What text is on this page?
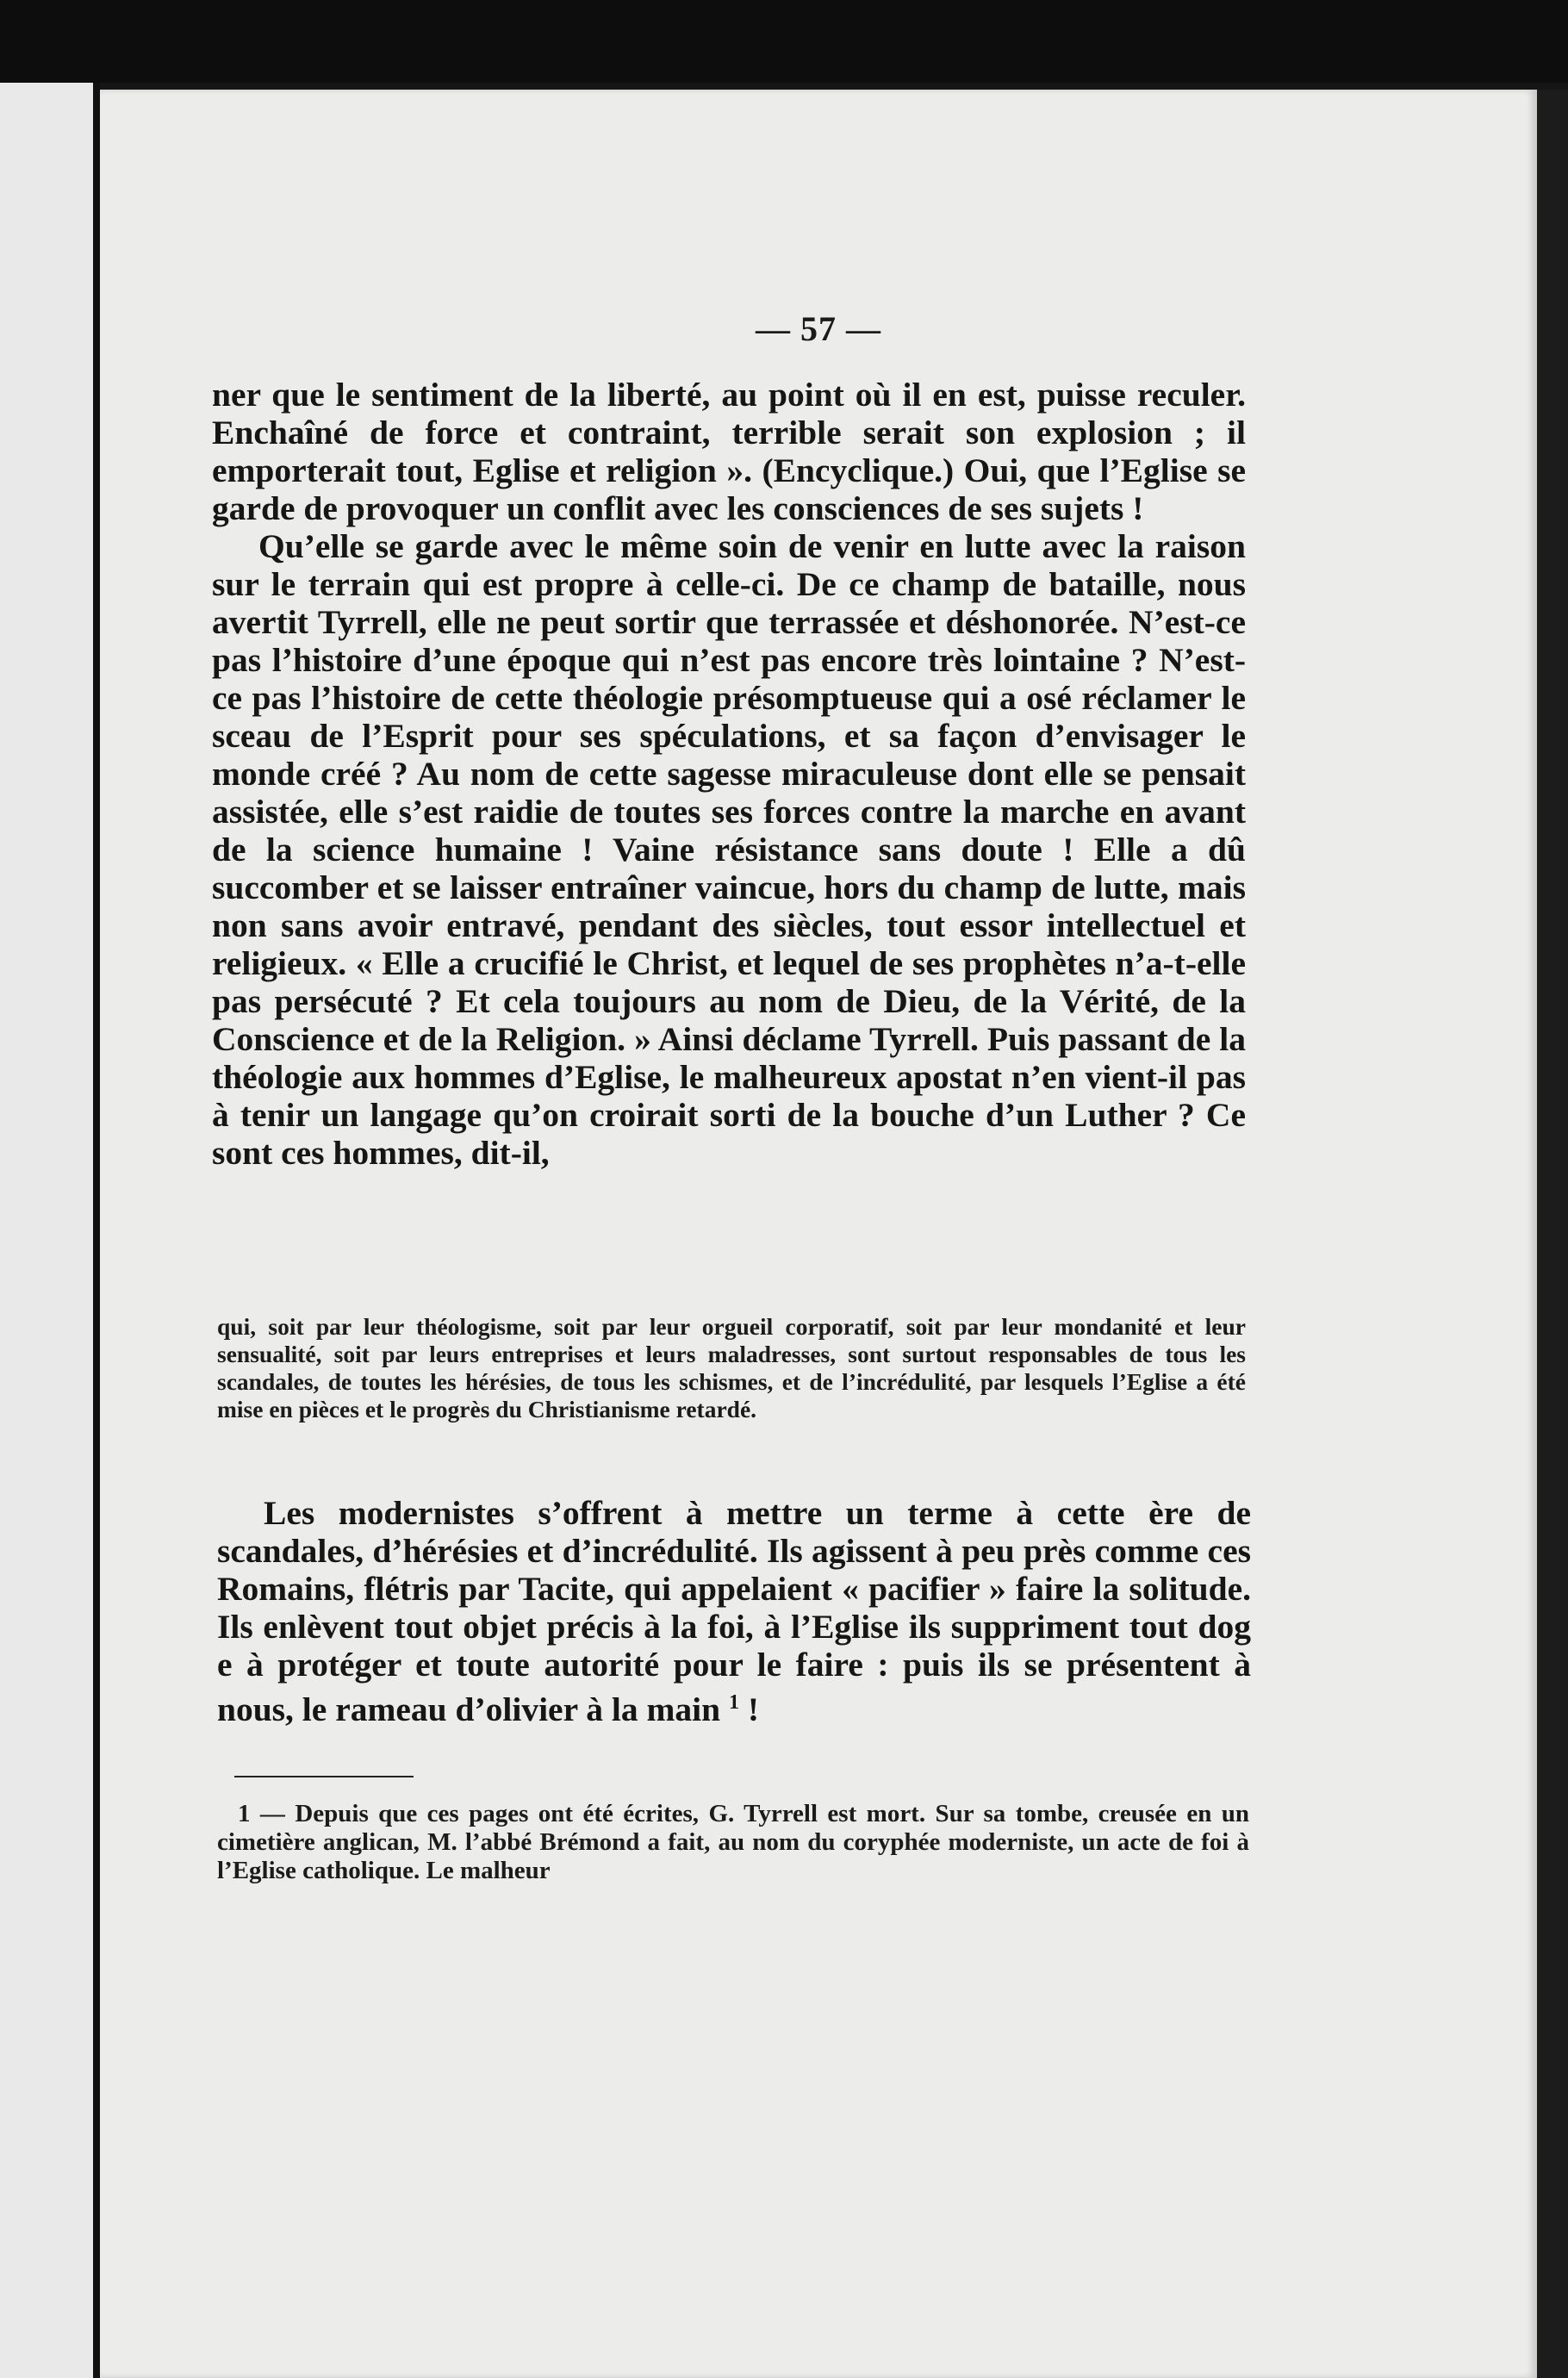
— 57 —

ner que le sentiment de la liberté, au point où il en est, puisse reculer. Enchaîné de force et contraint, terrible serait son explosion ; il emporterait tout, Eglise et religion ». (Encyclique.) Oui, que l’Eglise se garde de provoquer un conflit avec les consciences de ses sujets !

Qu’elle se garde avec le même soin de venir en lutte avec la raison sur le terrain qui est propre à celle-ci. De ce champ de bataille, nous avertit Tyrrell, elle ne peut sortir que terrassée et déshonorée. N’est-ce pas l’histoire d’une époque qui n’est pas encore très lointaine ? N’est-ce pas l’histoire de cette théologie présomptueuse qui a osé réclamer le sceau de l’Esprit pour ses spéculations, et sa façon d’envisager le monde créé ? Au nom de cette sagesse miraculeuse dont elle se pensait assistée, elle s’est raidie de toutes ses forces contre la marche en avant de la science humaine ! Vaine résistance sans doute ! Elle a dû succomber et se laisser entraîner vaincue, hors du champ de lutte, mais non sans avoir entravé, pendant des siècles, tout essor intellectuel et religieux. « Elle a crucifié le Christ, et lequel de ses prophètes n’a-t-elle pas persécuté ? Et cela toujours au nom de Dieu, de la Vérité, de la Conscience et de la Religion. » Ainsi déclame Tyrrell. Puis passant de la théologie aux hommes d’Eglise, le malheureux apostat n’en vient-il pas à tenir un langage qu’on croirait sorti de la bouche d’un Luther ? Ce sont ces hommes, dit-il,

qui, soit par leur théologisme, soit par leur orgueil corporatif, soit par leur mondanité et leur sensualité, soit par leurs entreprises et leurs maladresses, sont surtout responsables de tous les scandales, de toutes les hérésies, de tous les schismes, et de l’incrédulité, par lesquels l’Eglise a été mise en pièces et le progrès du Christianisme retardé.
Les modernistes s’offrent à mettre un terme à cette ère de scandales, d’hérésies et d’incrédulité. Ils agissent à peu près comme ces Romains, flétris par Tacite, qui appelaient « pacifier » faire la solitude. Ils enlèvent tout objet précis à la foi, à l’Eglise ils suppriment tout dog e à protéger et toute autorité pour le faire : puis ils se présentent à nous, le rameau d’olivier à la main $^1$ !
1 — Depuis que ces pages ont été écrites, G. Tyrrell est mort. Sur sa tombe, creusée en un cimetière anglican, M. l’abbé Brémond a fait, au nom du coryphée moderniste, un acte de foi à l’Eglise catholique. Le malheur
